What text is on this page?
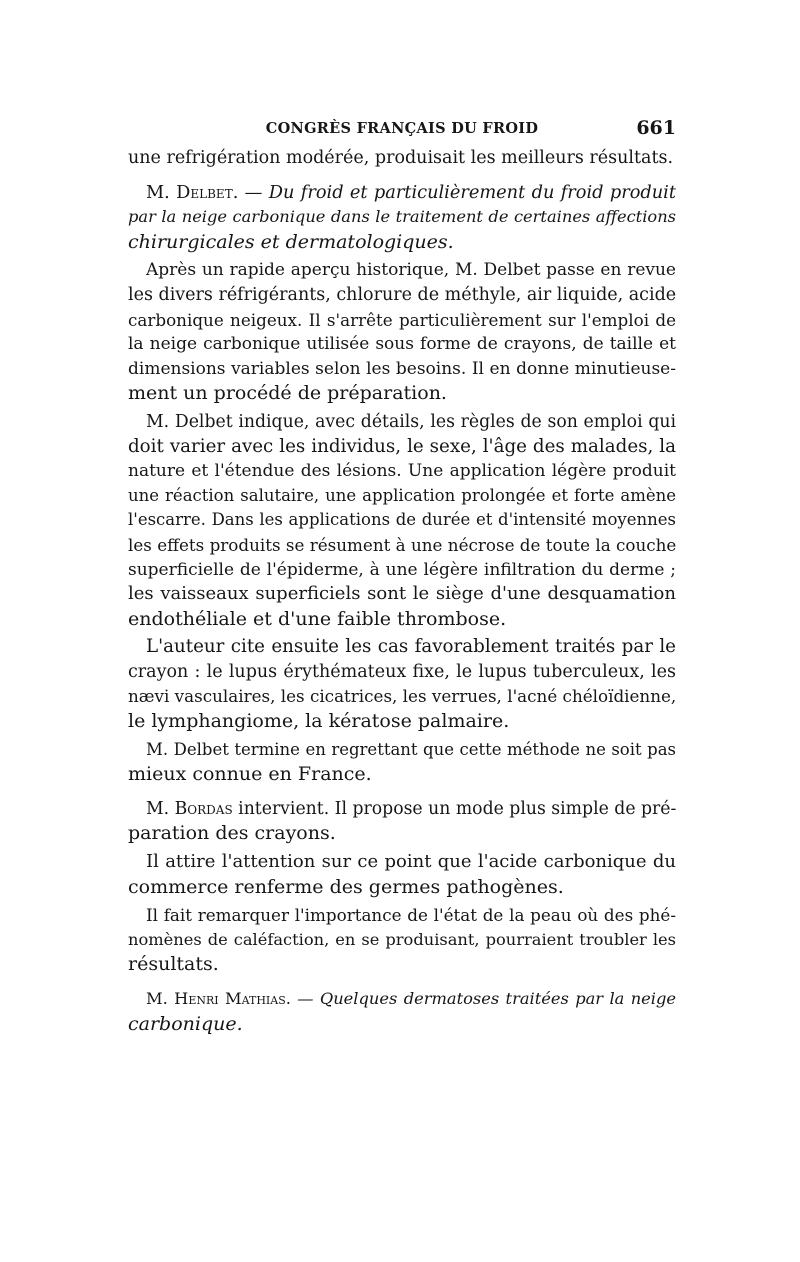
CONGRÈS FRANÇAIS DU FROID	661
une refrigération modérée, produisait les meilleurs résultats.
M. Delbet. — Du froid et particulièrement du froid produit
par la neige carbonique dans le traitement de certaines affections
chirurgicales et dermatologiques.
Après un rapide aperçu historique, M. Delbet passe en revue
les divers réfrigérants, chlorure de méthyle, air liquide, acide
carbonique neigeux. Il s'arrête particulièrement sur l'emploi de
la neige carbonique utilisée sous forme de crayons, de taille et
dimensions variables selon les besoins. Il en donne minutieuse-
ment un procédé de préparation.
M. Delbet indique, avec détails, les règles de son emploi qui
doit varier avec les individus, le sexe, l'âge des malades, la
nature et l'étendue des lésions. Une application légère produit
une réaction salutaire, une application prolongée et forte amène
l'escarre. Dans les applications de durée et d'intensité moyennes
les effets produits se résument à une nécrose de toute la couche
superficielle de l'épiderme, à une légère infiltration du derme ;
les vaisseaux superficiels sont le siège d'une desquamation
endothéliale et d'une faible thrombose.
L'auteur cite ensuite les cas favorablement traités par le
crayon : le lupus érythémateux fixe, le lupus tuberculeux, les
nævi vasculaires, les cicatrices, les verrues, l'acné chéloïdienne,
le lymphangiome, la kératose palmaire.
M. Delbet termine en regrettant que cette méthode ne soit pas
mieux connue en France.
M. Bordas intervient. Il propose un mode plus simple de pré-
paration des crayons.
Il attire l'attention sur ce point que l'acide carbonique du
commerce renferme des germes pathogènes.
Il fait remarquer l'importance de l'état de la peau où des phé-
nomènes de caléfaction, en se produisant, pourraient troubler les
résultats.
M. Henri Mathias. — Quelques dermatoses traitées par la neige
carbonique.
